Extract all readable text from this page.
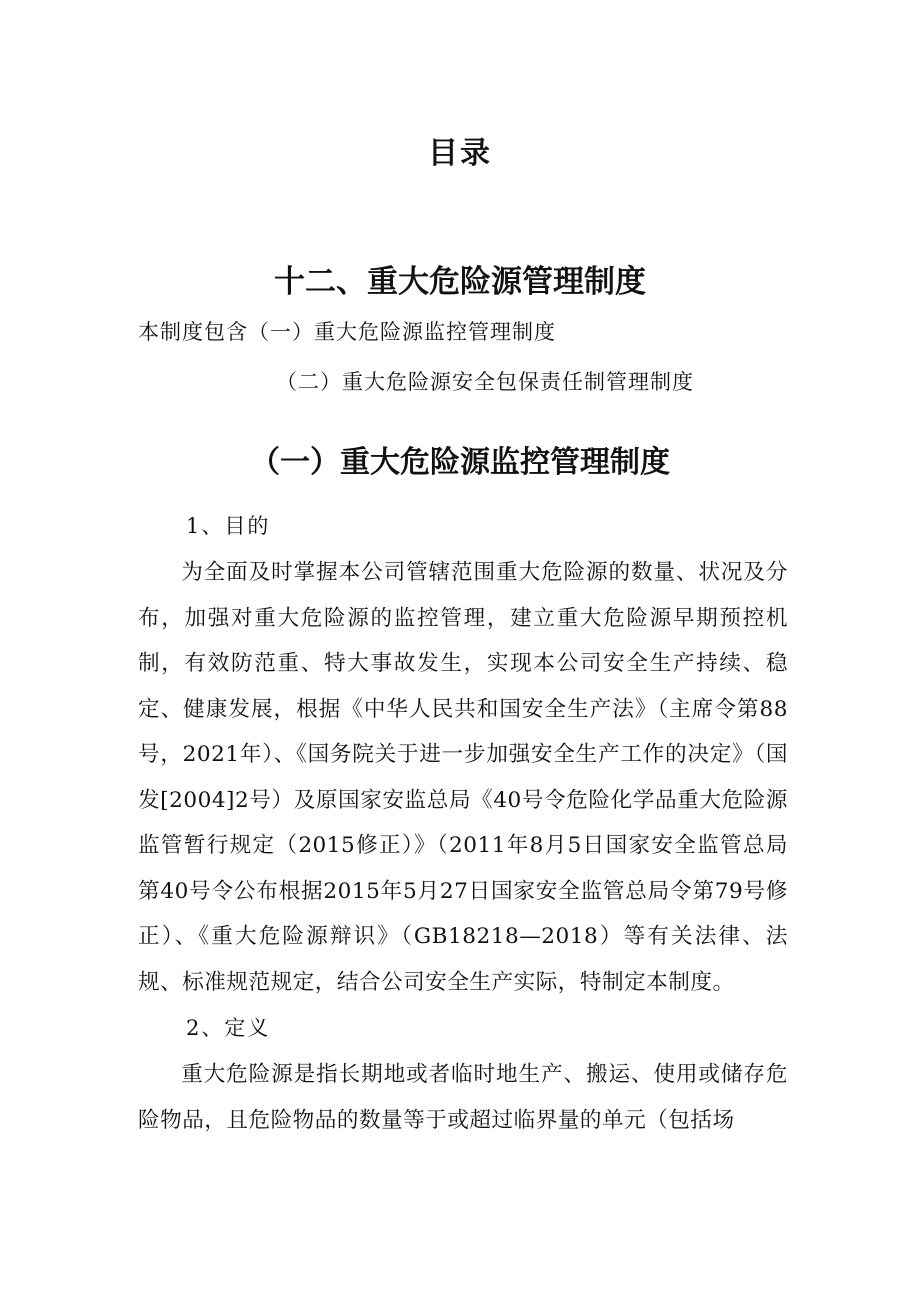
目录
十二、重大危险源管理制度
本制度包含（一）重大危险源监控管理制度
（二）重大危险源安全包保责任制管理制度
（一）重大危险源监控管理制度
1、目的
为全面及时掌握本公司管辖范围重大危险源的数量、状况及分布，加强对重大危险源的监控管理，建立重大危险源早期预控机制，有效防范重、特大事故发生，实现本公司安全生产持续、稳定、健康发展，根据《中华人民共和国安全生产法》（主席令第88号，2021年）、《国务院关于进一步加强安全生产工作的决定》（国发[2004]2号）及原国家安监总局《40号令危险化学品重大危险源监管暂行规定（2015修正）》（2011年8月5日国家安全监管总局第40号令公布根据2015年5月27日国家安全监管总局令第79号修正）、《重大危险源辩识》（GB18218—2018）等有关法律、法规、标准规范规定，结合公司安全生产实际，特制定本制度。
2、定义
重大危险源是指长期地或者临时地生产、搬运、使用或储存危险物品，且危险物品的数量等于或超过临界量的单元（包括场
